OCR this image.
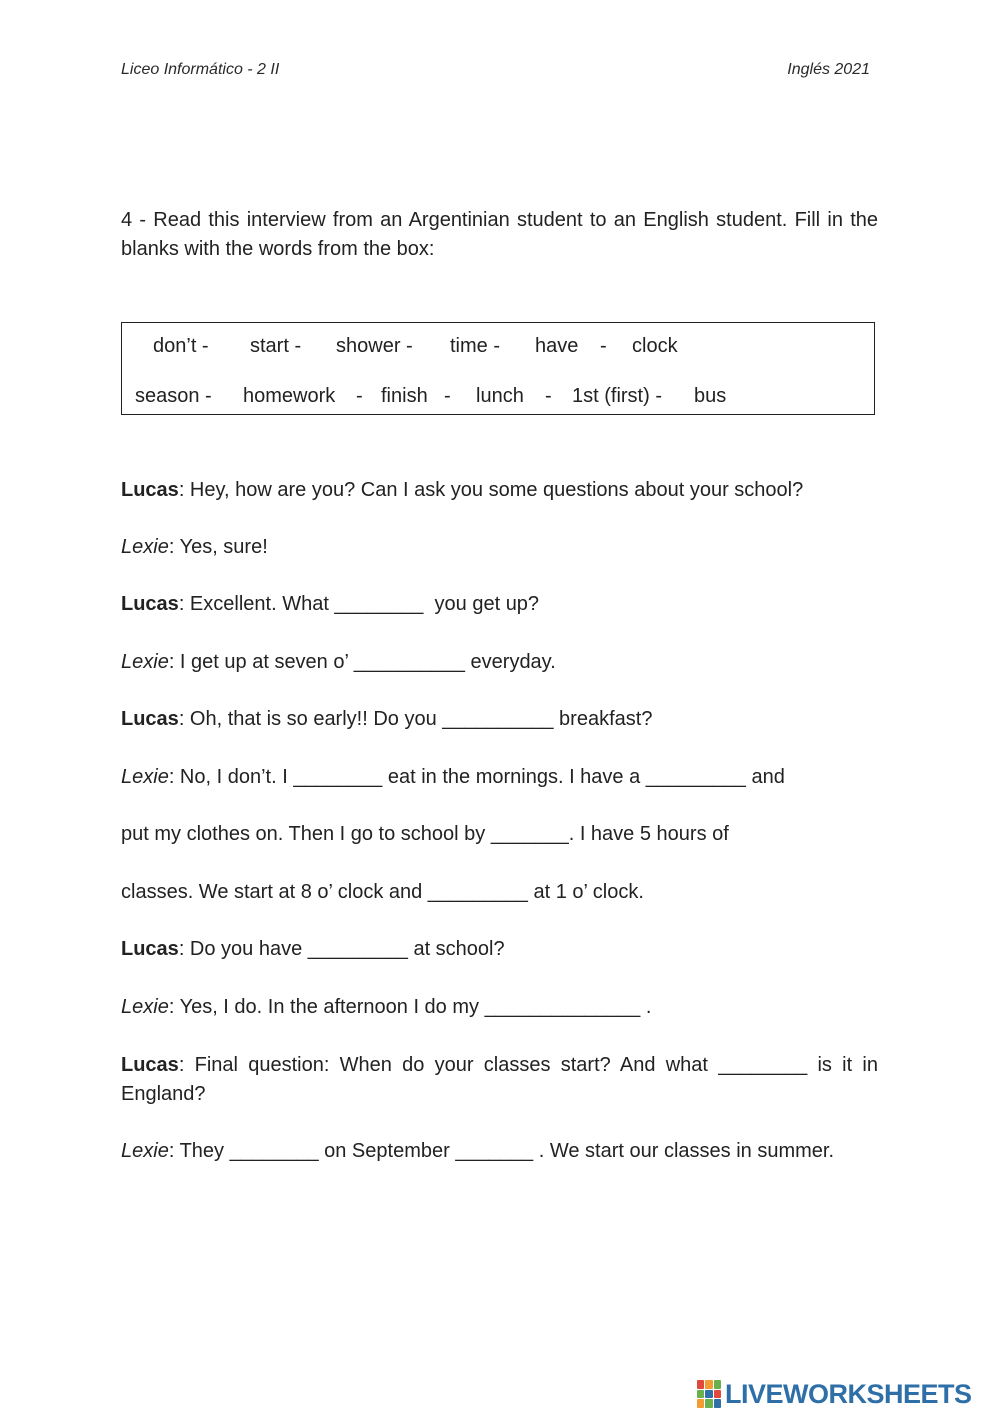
Liceo Informático - 2 II	Inglés 2021
4 - Read this interview from an Argentinian student to an English student. Fill in the blanks with the words from the box:
don’t - start - shower - time - have - clock
season - homework - finish - lunch - 1st (first) - bus
Lucas: Hey, how are you? Can I ask you some questions about your school?
Lexie: Yes, sure!
Lucas: Excellent. What ________  you get up?
Lexie: I get up at seven o’ __________ everyday.
Lucas: Oh, that is so early!! Do you __________ breakfast?
Lexie: No, I don’t. I ________ eat in the mornings. I have a _________ and
put my clothes on. Then I go to school by _______. I have 5 hours of
classes. We start at 8 o’ clock and _________ at 1 o’ clock.
Lucas: Do you have _________ at school?
Lexie: Yes, I do. In the afternoon I do my ______________ .
Lucas: Final question: When do your classes start? And what ________ is it in England?
Lexie: They ________ on September _______ . We start our classes in summer.
LIVEWORKSHEETS
